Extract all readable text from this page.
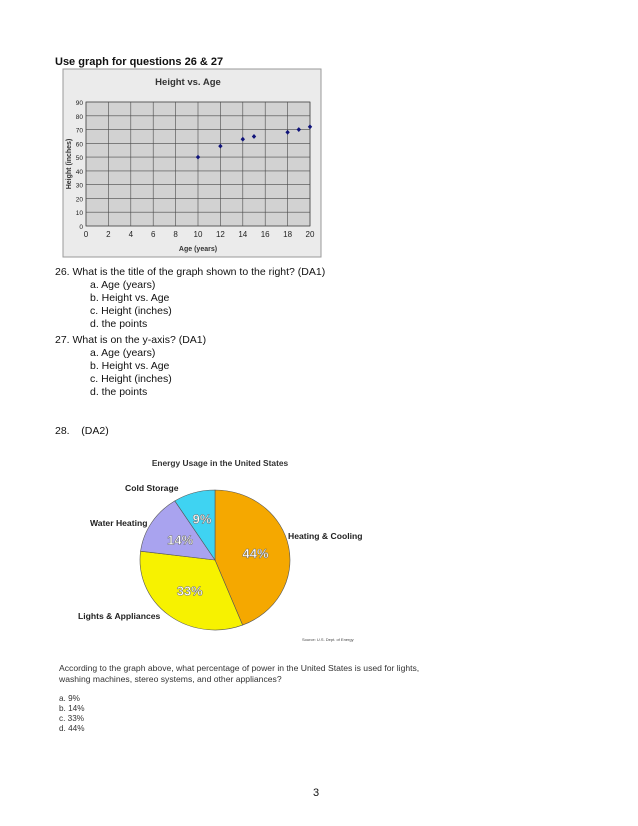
Use graph for questions 26 & 27
Height vs. Age
0 2 4 6 8 10 12 14 16 18 20
0
10
20
30
40
50
60
70
80
90
Age (years)
Height (inches)
26. What is the title of the graph shown to the right? (DA1)
a. Age (years)
b. Height vs. Age
c. Height (inches)
d. the points
27. What is on the y-axis? (DA1)
a. Age (years)
b. Height vs. Age
c. Height (inches)
d. the points
28.    (DA2)
Energy Usage in the United States
44%
33%
14%
9%
Heating & Cooling
Lights & Appliances
Water Heating
Cold Storage
Source: U.S. Dept. of Energy
According to the graph above, what percentage of power in the United States is used for lights,
washing machines, stereo systems, and other appliances?
a. 9%
b. 14%
c. 33%
d. 44%
3
